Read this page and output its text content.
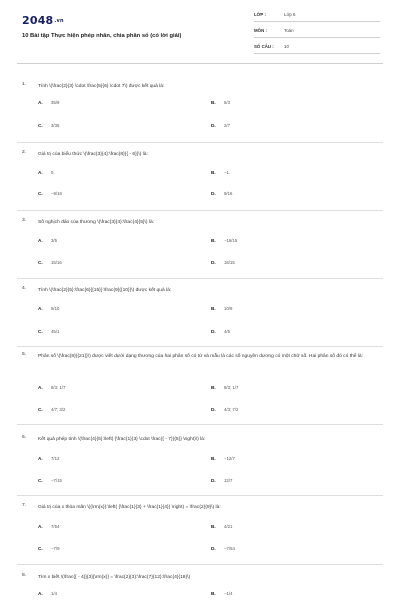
2048.vn
10 Bài tập Thực hiện phép nhân, chia phân số (có lời giải)
LỚP :	Lớp 6
MÔN :	Toán
SỐ CÂU : 10
1. Tính \(\frac{2}{3} \cdot \frac{5}{6} \cdot 7\) được kết quả là:
A. 35/9	B. 5/3
C. 3/35	D. 2/7
2. Giá trị của biểu thức \(\frac{3}{4}:\frac{8}{{ - 6}}\) là:
A. 0.	B. −1.
C. −9/16	D. 9/16
3. Số nghịch đảo của thương \(\frac{3}{4}:\frac{4}{5}\) là:
A. 3/5	B. −16/15
C. 15/16	D. 16/15
4. Tính \(\frac{2}{5}:\frac{6}{{15}}:\frac{9}{{10}}\) được kết quả là:
A. 9/10	B. 10/9
C. 45/1	D. 4/5
5. Phân số \(\frac{8}{{21}}\) được viết dưới dạng thương của hai phân số có tử và mẫu là các số nguyên dương có một chữ số. Hai phân số đó có thể là:
A. 8/3; 1/7	B. 8/3; 1/7
C. 4/7; 3/2	D. 4/3; 7/2
6. Kết quả phép tính \(\frac{4}{5}:\left( {\frac{1}{3} \cdot \frac{{ - 7}}{5}} \right)\) là:
A. 7/12	B. −12/7
C. −7/15	D. 12/7
7. Giá trị của x thỏa mãn \({\rm{x}}:\left( {\frac{1}{3} + \frac{1}{4}} \right) = \frac{2}{9}\) là:
A. 7/54	B. 4/21
C. −7/9	D. −7/54
8. Tìm x biết \(\frac{{ - 4}}{3}{\rm{x}} = \frac{2}{3}:\frac{7}{12}:\frac{4}{18}\)
A. 1/4	B. −1/4
